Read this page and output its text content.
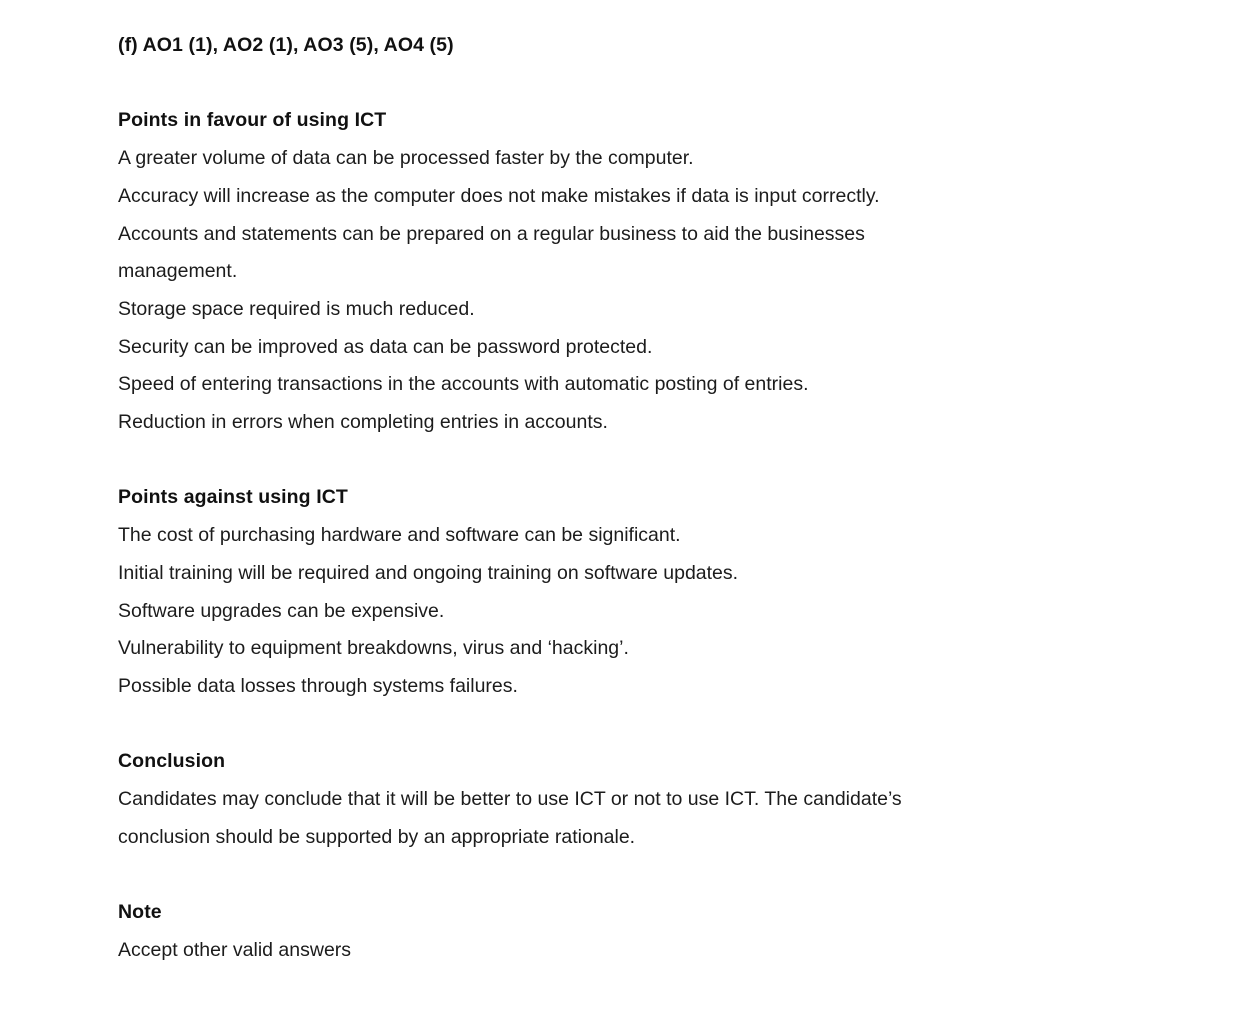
(f) AO1 (1), AO2 (1), AO3 (5), AO4 (5)
Points in favour of using ICT
A greater volume of data can be processed faster by the computer.
Accuracy will increase as the computer does not make mistakes if data is input correctly.
Accounts and statements can be prepared on a regular business to aid the businesses
management.
Storage space required is much reduced.
Security can be improved as data can be password protected.
Speed of entering transactions in the accounts with automatic posting of entries.
Reduction in errors when completing entries in accounts.
Points against using ICT
The cost of purchasing hardware and software can be significant.
Initial training will be required and ongoing training on software updates.
Software upgrades can be expensive.
Vulnerability to equipment breakdowns, virus and ‘hacking’.
Possible data losses through systems failures.
Conclusion
Candidates may conclude that it will be better to use ICT or not to use ICT. The candidate’s
conclusion should be supported by an appropriate rationale.
Note
Accept other valid answers
